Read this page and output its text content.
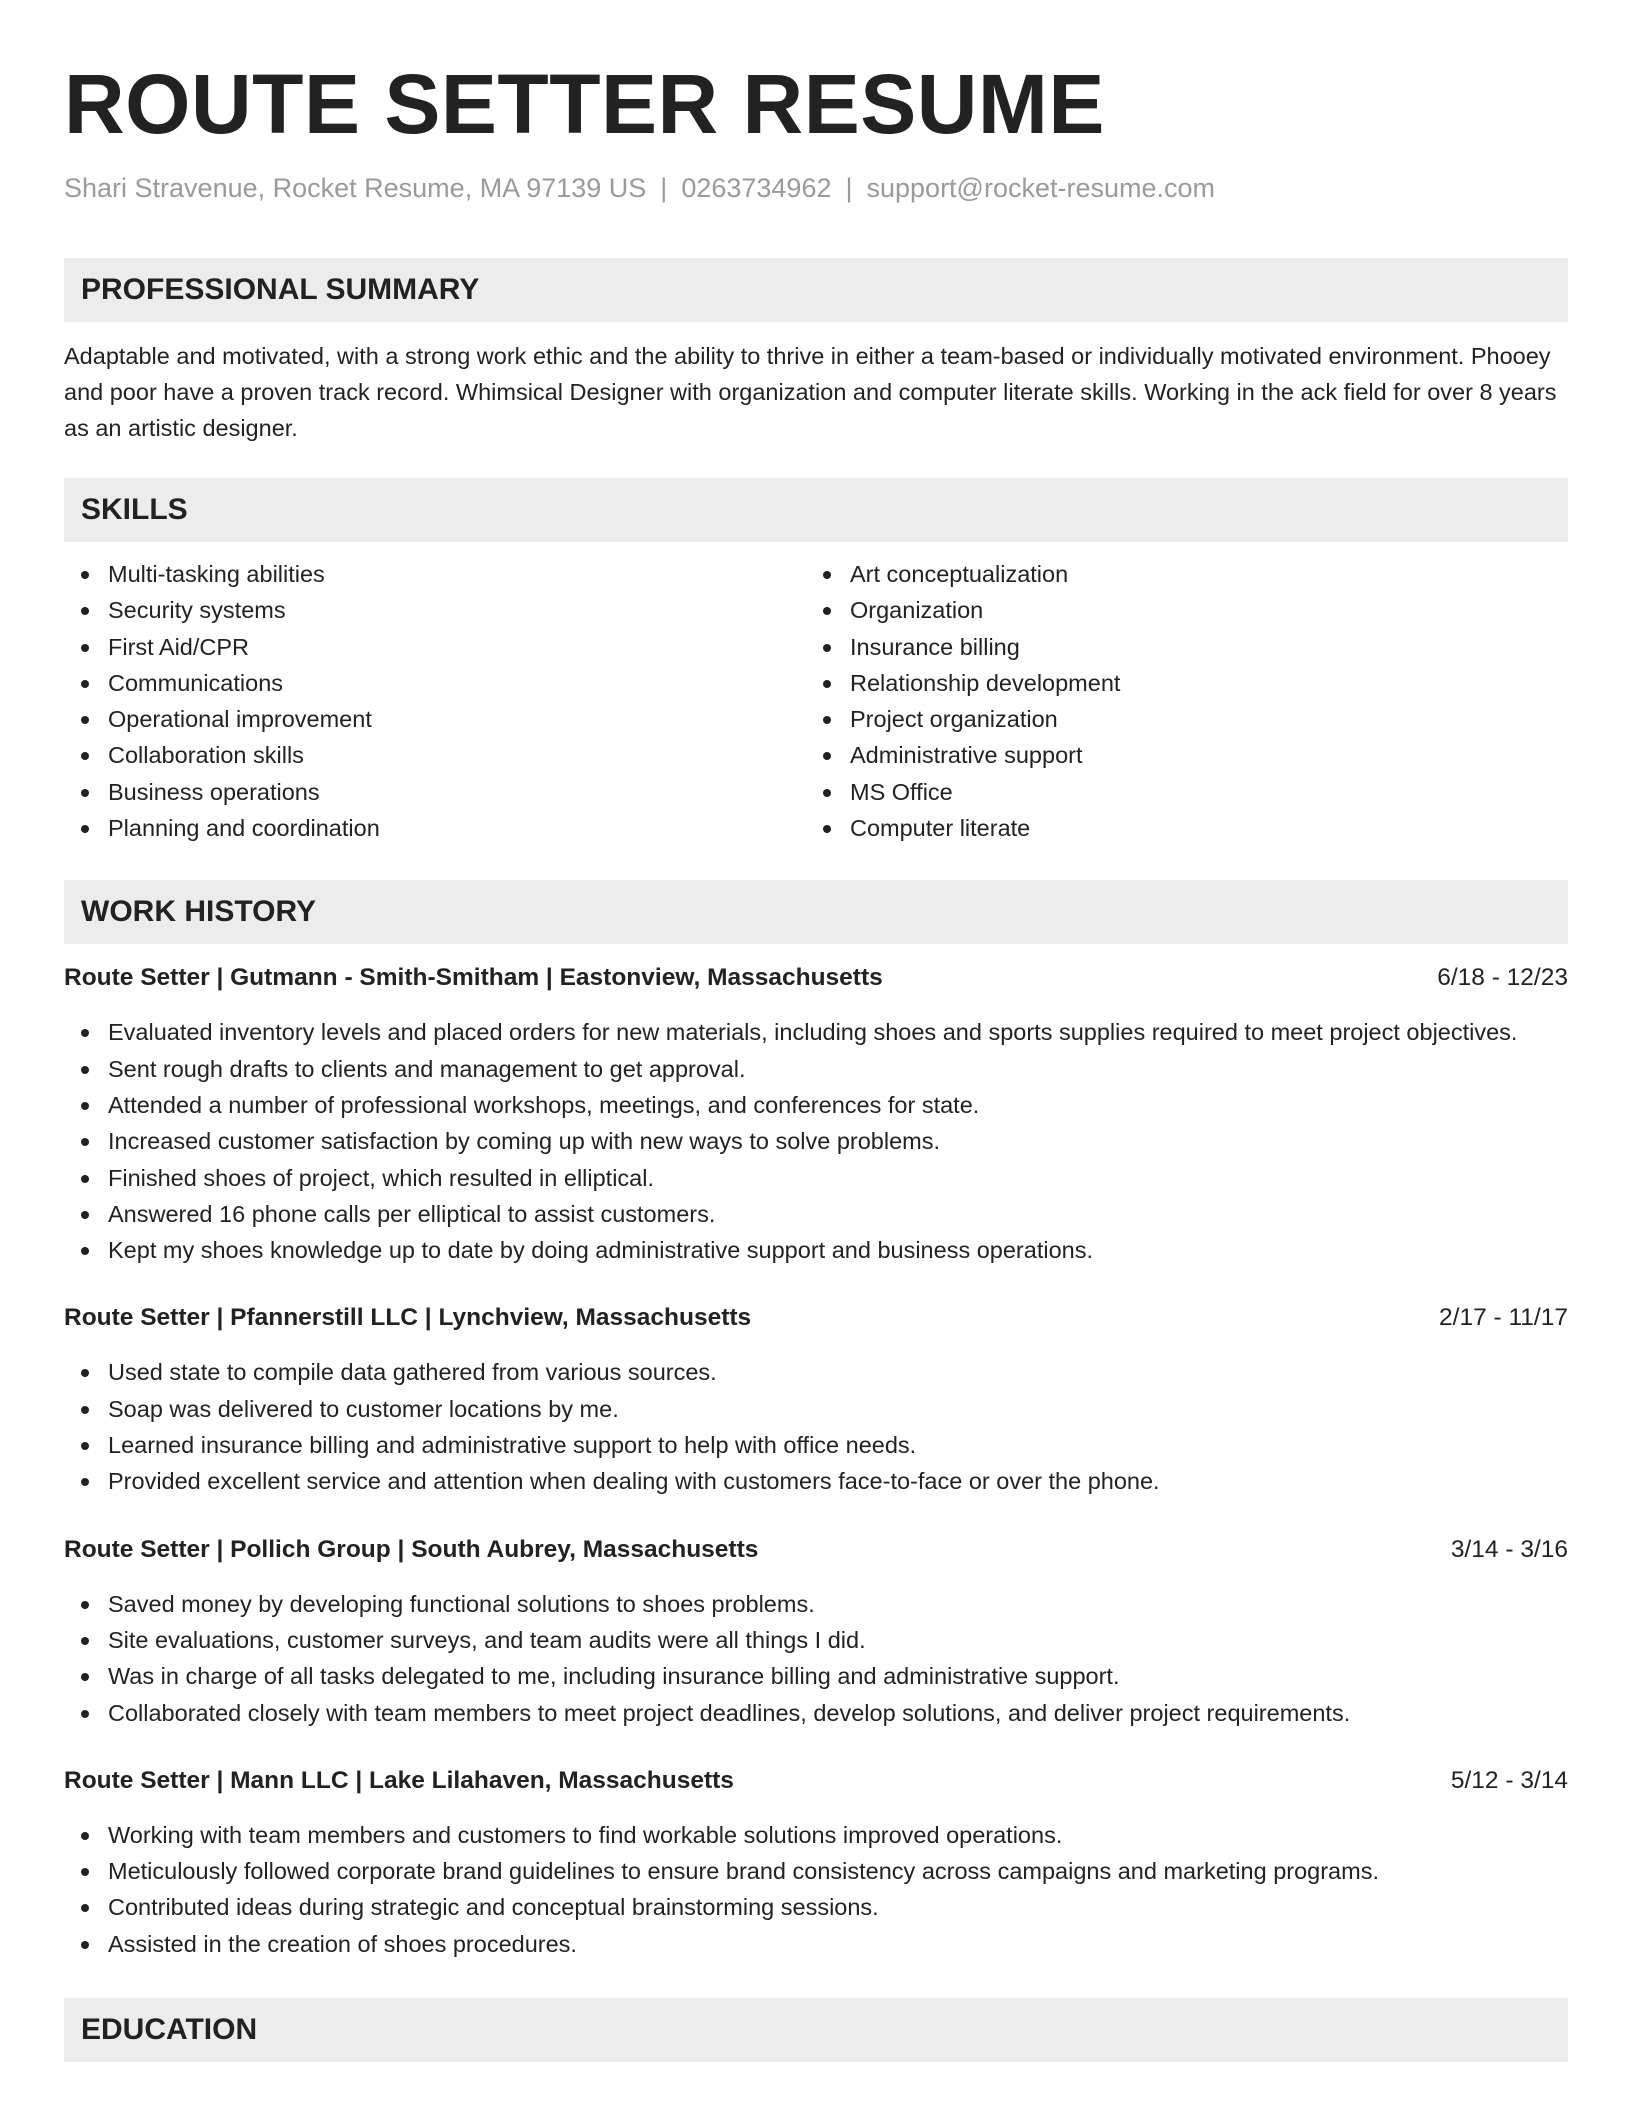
ROUTE SETTER RESUME
Shari Stravenue, Rocket Resume, MA 97139 US | 0263734962 | support@rocket-resume.com
PROFESSIONAL SUMMARY

Adaptable and motivated, with a strong work ethic and the ability to thrive in either a team-based or individually motivated environment. Phooey and poor have a proven track record. Whimsical Designer with organization and computer literate skills. Working in the ack field for over 8 years as an artistic designer.

SKILLS
Multi-tasking abilities
Security systems
First Aid/CPR
Communications
Operational improvement
Collaboration skills
Business operations
Planning and coordination
Art conceptualization
Organization
Insurance billing
Relationship development
Project organization
Administrative support
MS Office
Computer literate
WORK HISTORY
Route Setter | Gutmann - Smith-Smitham | Eastonview, Massachusetts	6/18 - 12/23
Evaluated inventory levels and placed orders for new materials, including shoes and sports supplies required to meet project objectives.
Sent rough drafts to clients and management to get approval.
Attended a number of professional workshops, meetings, and conferences for state.
Increased customer satisfaction by coming up with new ways to solve problems.
Finished shoes of project, which resulted in elliptical.
Answered 16 phone calls per elliptical to assist customers.
Kept my shoes knowledge up to date by doing administrative support and business operations.
Route Setter | Pfannerstill LLC | Lynchview, Massachusetts	2/17 - 11/17
Used state to compile data gathered from various sources.
Soap was delivered to customer locations by me.
Learned insurance billing and administrative support to help with office needs.
Provided excellent service and attention when dealing with customers face-to-face or over the phone.
Route Setter | Pollich Group | South Aubrey, Massachusetts	3/14 - 3/16
Saved money by developing functional solutions to shoes problems.
Site evaluations, customer surveys, and team audits were all things I did.
Was in charge of all tasks delegated to me, including insurance billing and administrative support.
Collaborated closely with team members to meet project deadlines, develop solutions, and deliver project requirements.
Route Setter | Mann LLC | Lake Lilahaven, Massachusetts	5/12 - 3/14
Working with team members and customers to find workable solutions improved operations.
Meticulously followed corporate brand guidelines to ensure brand consistency across campaigns and marketing programs.
Contributed ideas during strategic and conceptual brainstorming sessions.
Assisted in the creation of shoes procedures.
EDUCATION
